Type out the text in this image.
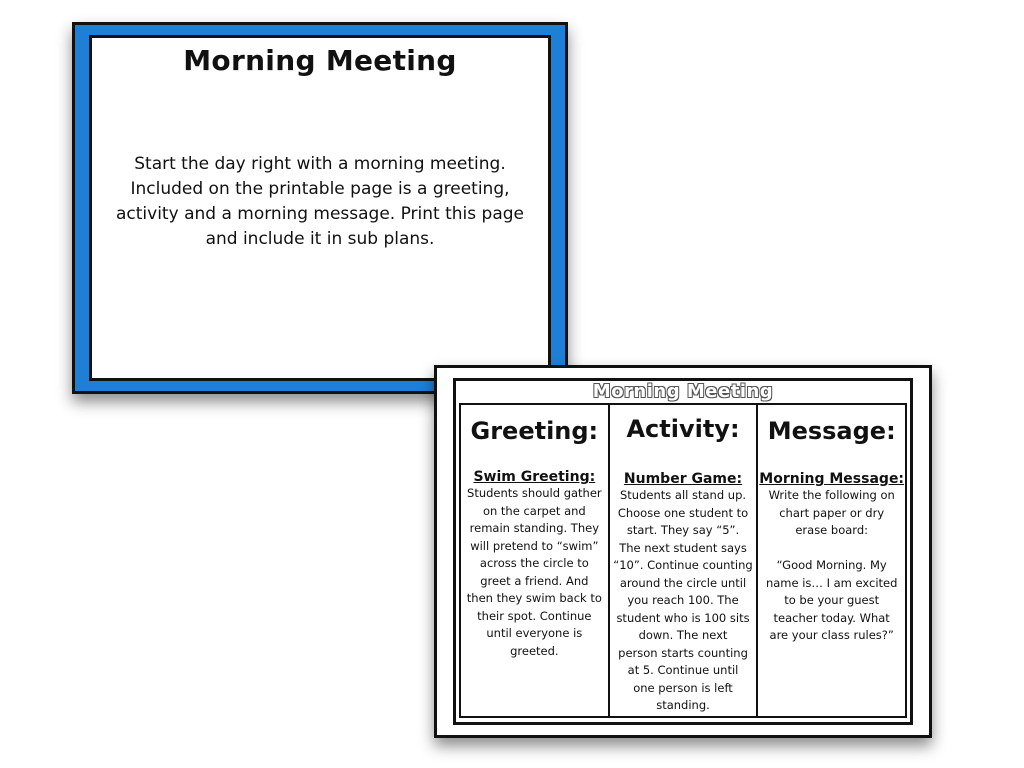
Morning Meeting
Start the day right with a morning meeting. Included on the printable page is a greeting, activity and a morning message. Print this page and include it in sub plans.
Morning Meeting
Greeting:
Swim Greeting:
Students should gather
on the carpet and
remain standing. They
will pretend to “swim”
across the circle to
greet a friend. And
then they swim back to
their spot. Continue
until everyone is
greeted.
Activity:
Number Game:
Students all stand up.
Choose one student to
start. They say “5”.
The next student says
“10”. Continue counting
around the circle until
you reach 100. The
student who is 100 sits
down. The next
person starts counting
at 5. Continue until
one person is left
standing.
Message:
Morning Message:
Write the following on
chart paper or dry
erase board:

“Good Morning. My
name is… I am excited
to be your guest
teacher today. What
are your class rules?”
